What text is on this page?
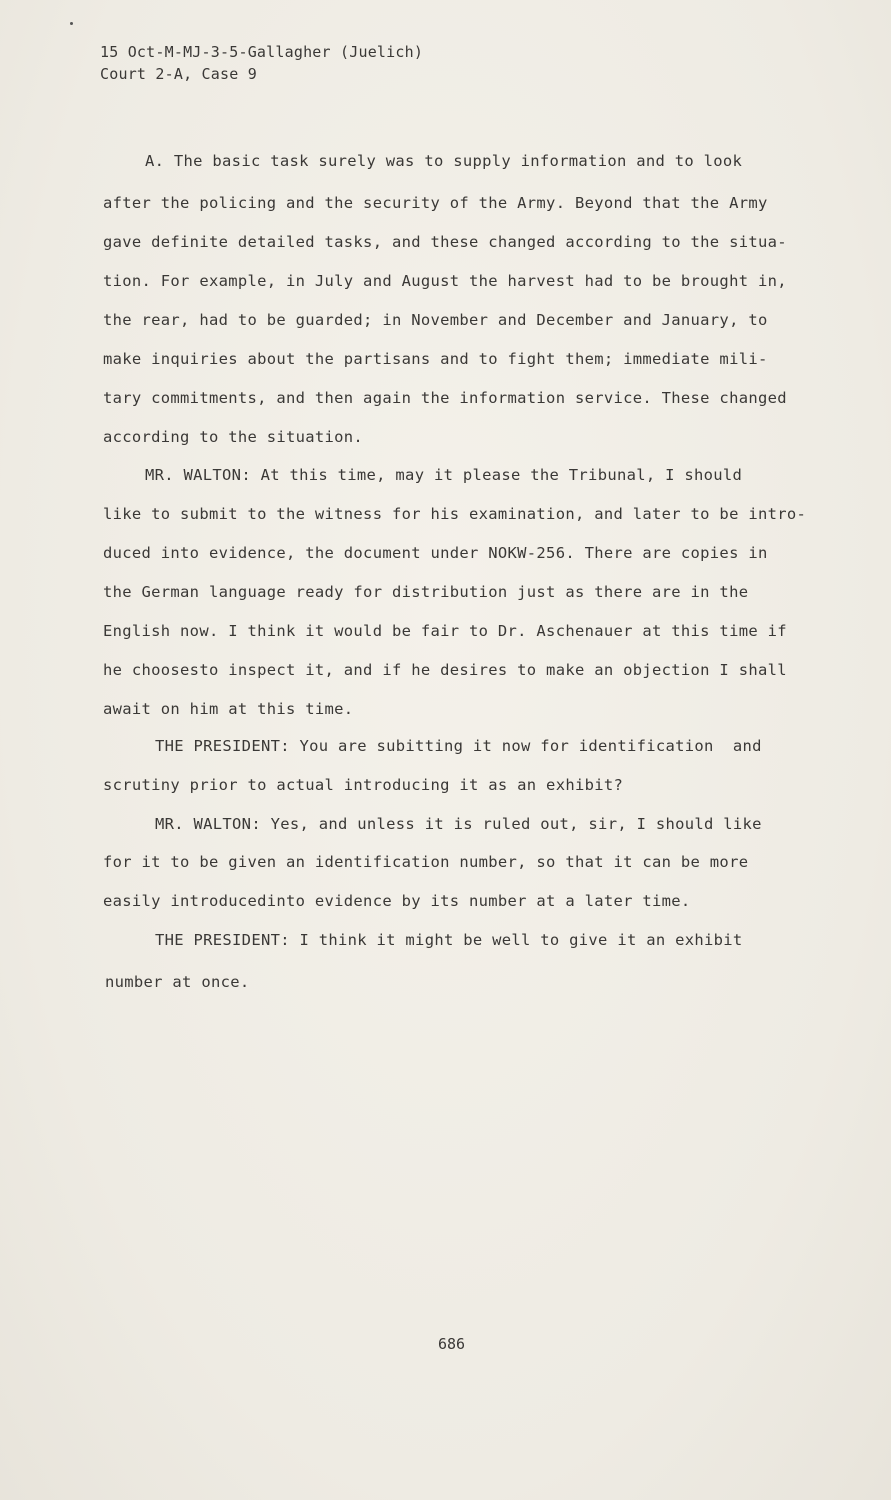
15 Oct-M-MJ-3-5-Gallagher (Juelich)
Court 2-A, Case 9
A. The basic task surely was to supply information and to look
after the policing and the security of the Army. Beyond that the Army
gave definite detailed tasks, and these changed according to the situa-
tion. For example, in July and August the harvest had to be brought in,
the rear, had to be guarded; in November and December and January, to
make inquiries about the partisans and to fight them; immediate mili-
tary commitments, and then again the information service. These changed
according to the situation.
MR. WALTON: At this time, may it please the Tribunal, I should
like to submit to the witness for his examination, and later to be intro-
duced into evidence, the document under NOKW-256. There are copies in
the German language ready for distribution just as there are in the
English now. I think it would be fair to Dr. Aschenauer at this time if
he choosesto inspect it, and if he desires to make an objection I shall
await on him at this time.
THE PRESIDENT: You are subitting it now for identification  and
scrutiny prior to actual introducing it as an exhibit?
MR. WALTON: Yes, and unless it is ruled out, sir, I should like
for it to be given an identification number, so that it can be more
easily introducedinto evidence by its number at a later time.
THE PRESIDENT: I think it might be well to give it an exhibit
number at once.
686
